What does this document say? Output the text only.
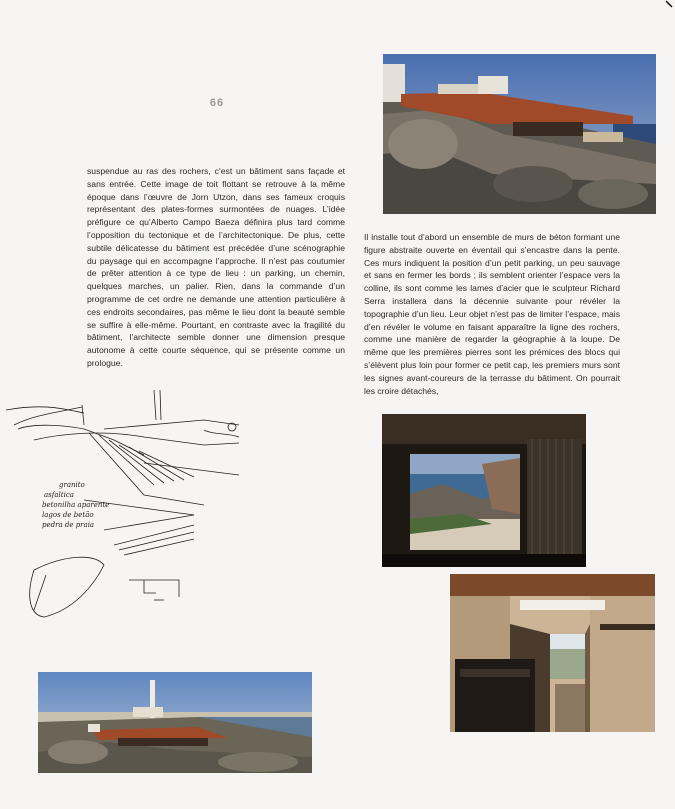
66

suspendue au ras des rochers, c’est un bâtiment sans façade et sans entrée. Cette image de toit flottant se retrouve à la même époque dans l’œuvre de Jorn Utzon, dans ses fameux croquis représentant des plates-formes surmontées de nuages. L’idée préfigure ce qu’Alberto Campo Baeza définira plus tard comme l’opposition du tectonique et de l’architectonique. De plus, cette subtile délicatesse du bâtiment est précédée d’une scénographie du paysage qui en accompagne l’approche. Il n’est pas coutumier de prêter attention à ce type de lieu : un parking, un chemin, quelques marches, un palier. Rien, dans la commande d’un programme de cet ordre ne demande une attention particulière à ces endroits secondaires, pas même le lieu dont la beauté semble se suffire à elle-même. Pourtant, en contraste avec la fragilité du bâtiment, l’architecte semble donner une dimension presque autonome à cette courte séquence, qui se présente comme un prologue.

Il installe tout d’abord un ensemble de murs de béton formant une figure abstraite ouverte en éventail qui s’encastre dans la pente. Ces murs indiquent la position d’un petit parking, un peu sauvage et sans en fermer les bords ; ils semblent orienter l’espace vers la colline, ils sont comme les lames d’acier que le sculpteur Richard Serra installera dans la décennie suivante pour révéler la topographie d’un lieu. Leur objet n’est pas de limiter l’espace, mais d’en révéler le volume en faisant apparaître la ligne des rochers, comme une manière de regarder la géographie à la loupe. De même que les premières pierres sont les prémices des blocs qui s’élèvent plus loin pour former ce petit cap, les premiers murs sont les signes avant-coureurs de la terrasse du bâtiment. On pourrait les croire détachés,

granito
asfaltica
betonilha aparente
lagos de betão
pedra de praia
